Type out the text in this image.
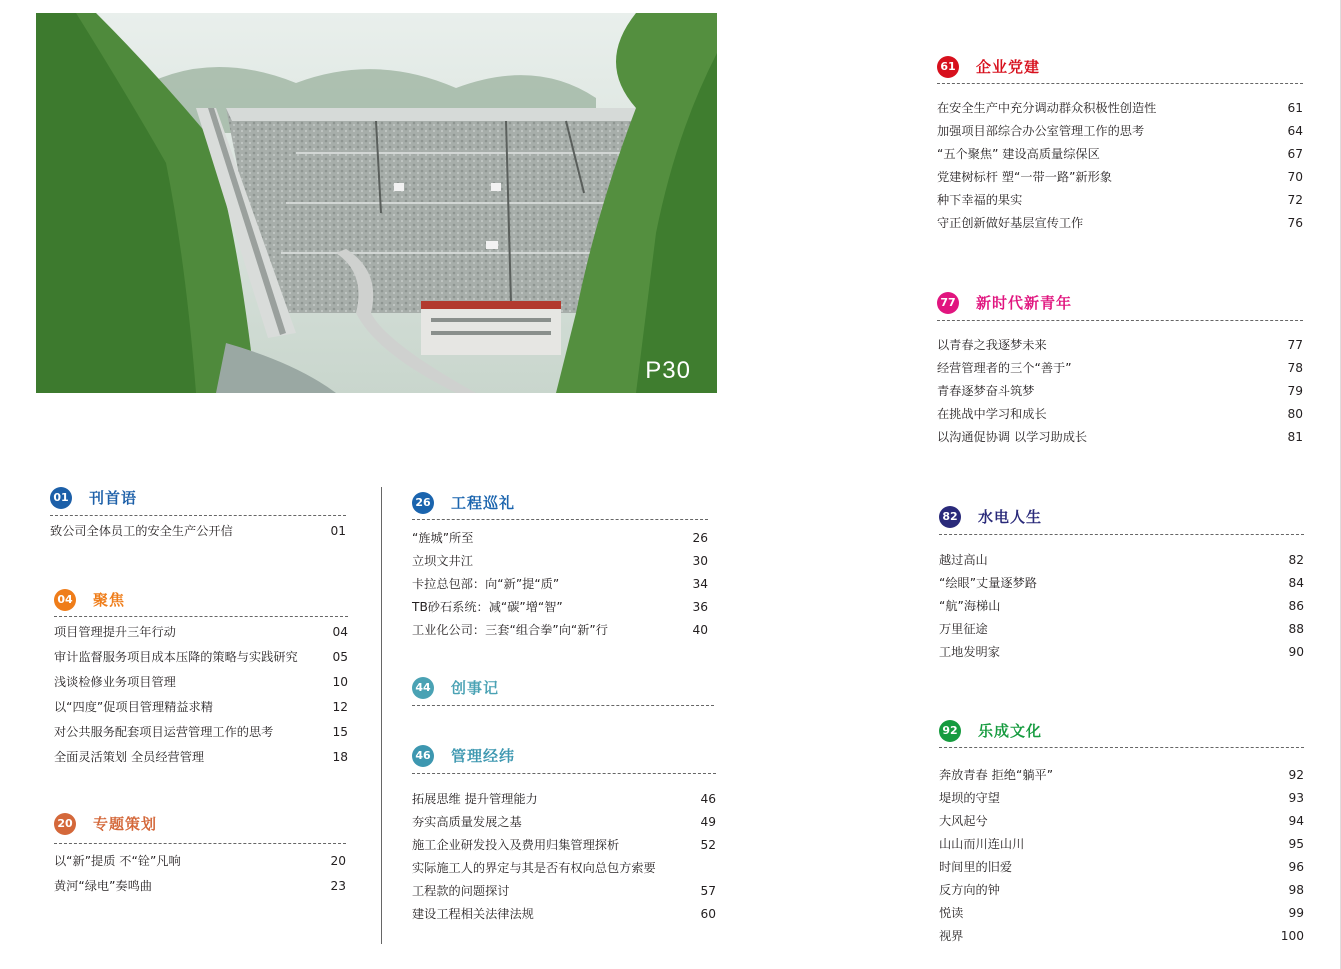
P30
01 刊首语
致公司全体员工的安全生产公开信	01
04 聚焦
项目管理提升三年行动	04
审计监督服务项目成本压降的策略与实践研究	05
浅谈检修业务项目管理	10
以“四度”促项目管理精益求精	12
对公共服务配套项目运营管理工作的思考	15
全面灵活策划 全员经营管理	18
20 专题策划
以“新”提质 不“铨”凡响	20
黄河“绿电”奏鸣曲	23
26 工程巡礼
“旌城”所至	26
立坝文井江	30
卡拉总包部：向“新”提“质”	34
TB砂石系统：减“碳”增“智”	36
工业化公司：三套“组合拳”向“新”行	40
44 创事记
46 管理经纬
拓展思维 提升管理能力	46
夯实高质量发展之基	49
施工企业研发投入及费用归集管理探析	52
实际施工人的界定与其是否有权向总包方索要
工程款的问题探讨	57
建设工程相关法律法规	60
61 企业党建
在安全生产中充分调动群众积极性创造性	61
加强项目部综合办公室管理工作的思考	64
“五个聚焦” 建设高质量综保区	67
党建树标杆 塑“一带一路”新形象	70
种下幸福的果实	72
守正创新做好基层宣传工作	76
77 新时代新青年
以青春之我逐梦未来	77
经营管理者的三个“善于”	78
青春逐梦奋斗筑梦	79
在挑战中学习和成长	80
以沟通促协调 以学习助成长	81
82 水电人生
越过高山	82
“绘眼”丈量逐梦路	84
“航”海梯山	86
万里征途	88
工地发明家	90
92 乐成文化
奔放青春 拒绝“躺平”	92
堤坝的守望	93
大风起兮	94
山山而川连山川	95
时间里的旧爱	96
反方向的钟	98
悦读	99
视界	100
